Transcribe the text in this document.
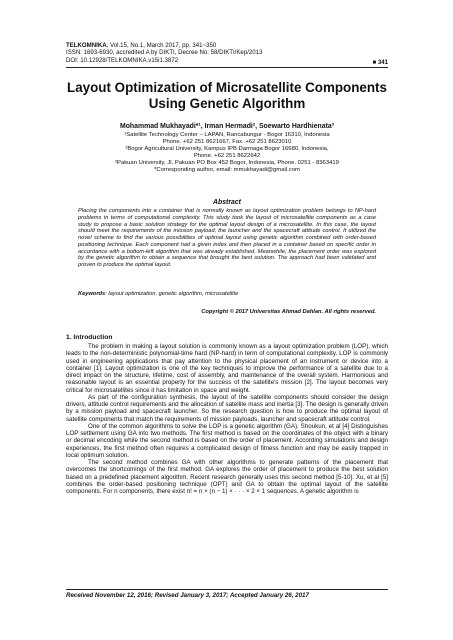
TELKOMNIKA, Vol.15, No.1, March 2017, pp. 341~350
ISSN: 1693-6930, accredited A by DIKTI, Decree No: 58/DIKTI/Kep/2013
DOI: 10.12928/TELKOMNIKA.v15i1.3872	■ 341
Layout Optimization of Microsatellite Components
Using Genetic Algorithm
Mohammad Mukhayadi*¹, Irman Hermadi², Soewarto Hardhienata³
¹Satellite Technology Center – LAPAN, Rancabungur - Bogor 16310, Indonesia
Phone. +62 251 8621667, Fax. +62 251 8623010
²Bogor Agricultural University, Kampus IPB Darmaga Bogor 16680, Indonesia,
Phone. +62 251 8622642
³Pakuan University, Jl. Pakuan PO Box 452 Bogor, Indonesia, Phone. 0251 - 8363419
*Corresponding author, email: mmukhayadi@gmail.com
Abstract
Placing the components into a container that is normally known as layout optimization problem belongs to NP-hard problems in terms of computational complexity. This study took the layout of microsatellite components as a case study to propose a basic solution strategy for the optimal layout design of a microsatellite. In this case, the layout should meet the requirements of the mission payload, the launcher and the spacecraft attitude control. It utilized the novel scheme to find the various possibilities of optimal layout using genetic algorithm combined with order-based positioning technique. Each component had a given index and then placed in a container based on specific order in accordance with a bottom-left algorithm that was already established. Meanwhile, the placement order was explored by the genetic algorithm to obtain a sequence that brought the best solution. The approach had been validated and proven to produce the optimal layout.
Keywords: layout optimization, genetic algorithm, microsatellite
Copyright © 2017 Universitas Ahmad Dahlan. All rights reserved.
1. Introduction

The problem in making a layout solution is commonly known as a layout optimization problem (LOP), which leads to the non-deterministic polynomial-time hard (NP-hard) in term of computational complexity. LOP is commonly used in engineering applications that pay attention to the physical placement of an instrument or device into a container [1]. Layout optimization is one of the key techniques to improve the performance of a satellite due to a direct impact on the structure, lifetime, cost of assembly, and maintenance of the overall system. Harmonious and reasonable layout is an essential property for the success of the satellite's mission [2]. The layout becomes very critical for microsatellites since it has limitation in space and weight.

As part of the configuration synthesis, the layout of the satellite components should consider the design drivers, attitude control requirements and the allocation of satellite mass and inertia [3]. The design is generally driven by a mission payload and spacecraft launcher. So the research question is how to produce the optimal layout of satellite components that match the requirements of mission payloads, launcher and spacecraft attitude control.

One of the common algorithms to solve the LOP is a genetic algorithm (GA). Shoukun, et al [4] Distinguishes LOP settlement using GA into two methods. The first method is based on the coordinates of the object with a binary or decimal encoding while the second method is based on the order of placement. According simulations and design experiences, the first method often requires a complicated design of fitness function and may be easily trapped in local optimum solution.

The second method combines GA with other algorithms to generate patterns of the placement that overcomes the shortcomings of the first method. GA explores the order of placement to produce the best solution based on a predefined placement algorithm. Recent research generally uses this second method [5-10]. Xu, et al [5] combines the order-based positioning technique (OPT) and GA to obtain the optimal layout of the satellite components. For n components, there exist n! = n × (n − 1) × · · · × 2 × 1 sequences. A genetic algorithm is

Received November 12, 2016; Revised January 3, 2017; Accepted January 26, 2017
